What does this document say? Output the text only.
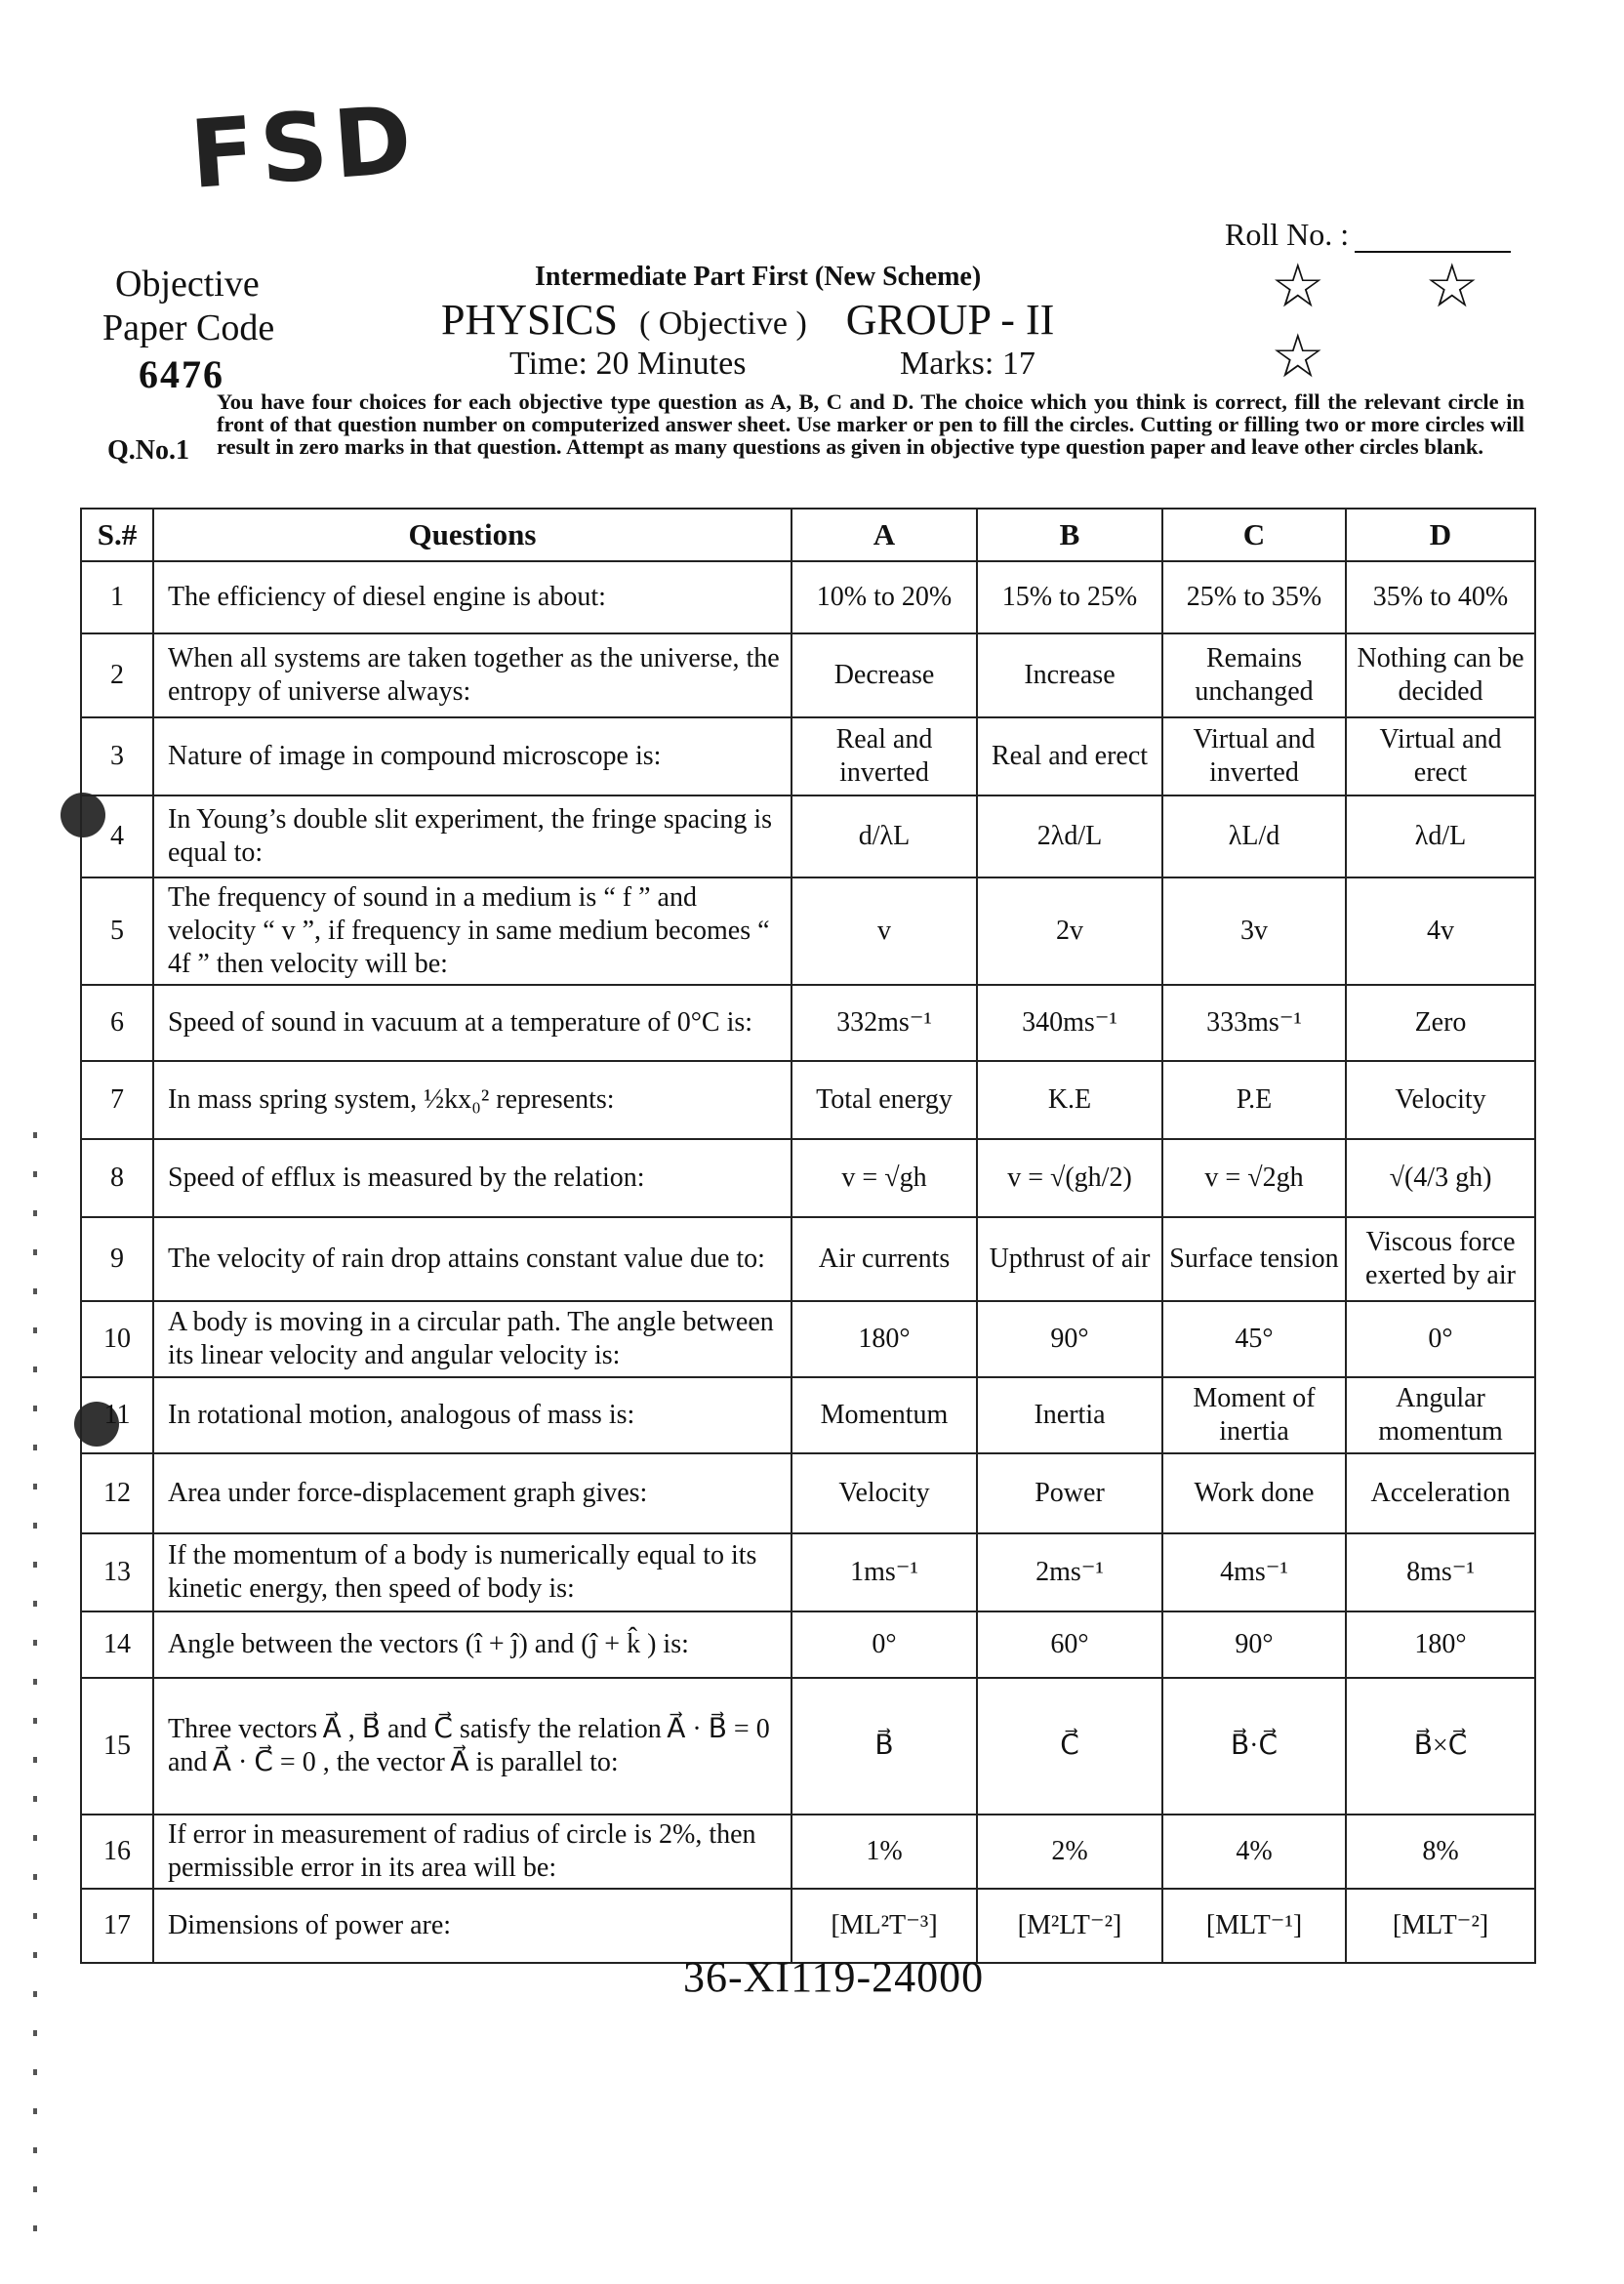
FSD
Roll No. :
Objective
Paper Code
6476
Intermediate Part First (New Scheme)
PHYSICS ( Objective ) GROUP - II
Time: 20 Minutes	Marks: 17
☆ ☆
☆
Q.No.1
You have four choices for each objective type question as A, B, C and D. The choice which you think is correct, fill the relevant circle in front of that question number on computerized answer sheet. Use marker or pen to fill the circles. Cutting or filling two or more circles will result in zero marks in that question. Attempt as many questions as given in objective type question paper and leave other circles blank.
S.#	Questions	A	B	C	D
1	The efficiency of diesel engine is about:	10% to 20%	15% to 25%	25% to 35%	35% to 40%
2	When all systems are taken together as the universe, the entropy of universe always:	Decrease	Increase	Remains unchanged	Nothing can be decided
3	Nature of image in compound microscope is:	Real and inverted	Real and erect	Virtual and inverted	Virtual and erect
4	In Young’s double slit experiment, the fringe spacing is equal to:	d/λL	2λd/L	λL/d	λd/L
5	The frequency of sound in a medium is “ f ” and velocity “ v ”, if frequency in same medium becomes “ 4f ” then velocity will be:	v	2v	3v	4v
6	Speed of sound in vacuum at a temperature of 0°C is:	332ms⁻¹	340ms⁻¹	333ms⁻¹	Zero
7	In mass spring system, ½kx₀² represents:	Total energy	K.E	P.E	Velocity
8	Speed of efflux is measured by the relation:	v = √gh	v = √(gh/2)	v = √2gh	√(4/3 gh)
9	The velocity of rain drop attains constant value due to:	Air currents	Upthrust of air	Surface tension	Viscous force exerted by air
10	A body is moving in a circular path. The angle between its linear velocity and angular velocity is:	180°	90°	45°	0°
11	In rotational motion, analogous of mass is:	Momentum	Inertia	Moment of inertia	Angular momentum
12	Area under force-displacement graph gives:	Velocity	Power	Work done	Acceleration
13	If the momentum of a body is numerically equal to its kinetic energy, then speed of body is:	1ms⁻¹	2ms⁻¹	4ms⁻¹	8ms⁻¹
14	Angle between the vectors (î + ĵ) and (ĵ + k̂ ) is:	0°	60°	90°	180°
15	Three vectors A⃗ , B⃗ and C⃗ satisfy the relation A⃗ · B⃗ = 0 and A⃗ · C⃗ = 0 , the vector A⃗ is parallel to:	B⃗	C⃗	B⃗·C⃗	B⃗×C⃗
16	If error in measurement of radius of circle is 2%, then permissible error in its area will be:	1%	2%	4%	8%
17	Dimensions of power are:	[ML²T⁻³]	[M²LT⁻²]	[MLT⁻¹]	[MLT⁻²]
36-XI119-24000
